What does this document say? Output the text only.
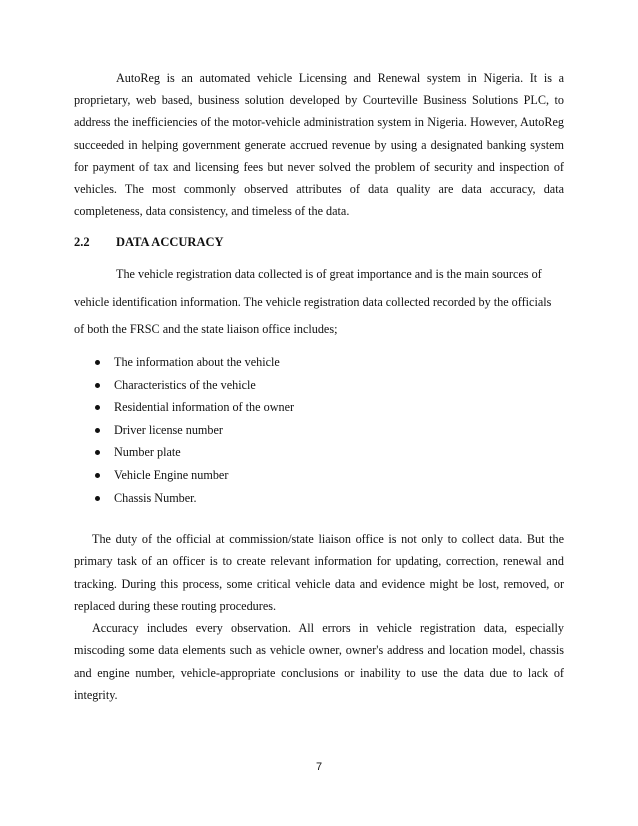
AutoReg is an automated vehicle Licensing and Renewal system in Nigeria. It is a proprietary, web based, business solution developed by Courteville Business Solutions PLC, to address the inefficiencies of the motor-vehicle administration system in Nigeria. However, AutoReg succeeded in helping government generate accrued revenue by using a designated banking system for payment of tax and licensing fees but never solved the problem of security and inspection of vehicles. The most commonly observed attributes of data quality are data accuracy, data completeness, data consistency, and timeless of the data.

2.2 DATA ACCURACY

The vehicle registration data collected is of great importance and is the main sources of vehicle identification information. The vehicle registration data collected recorded by the officials of both the FRSC and the state liaison office includes;

The information about the vehicle
Characteristics of the vehicle
Residential information of the owner
Driver license number
Number plate
Vehicle Engine number
Chassis Number.
The duty of the official at commission/state liaison office is not only to collect data. But the primary task of an officer is to create relevant information for updating, correction, renewal and tracking. During this process, some critical vehicle data and evidence might be lost, removed, or replaced during these routing procedures.
Accuracy includes every observation. All errors in vehicle registration data, especially miscoding some data elements such as vehicle owner, owner's address and location model, chassis and engine number, vehicle-appropriate conclusions or inability to use the data due to lack of integrity.
7
